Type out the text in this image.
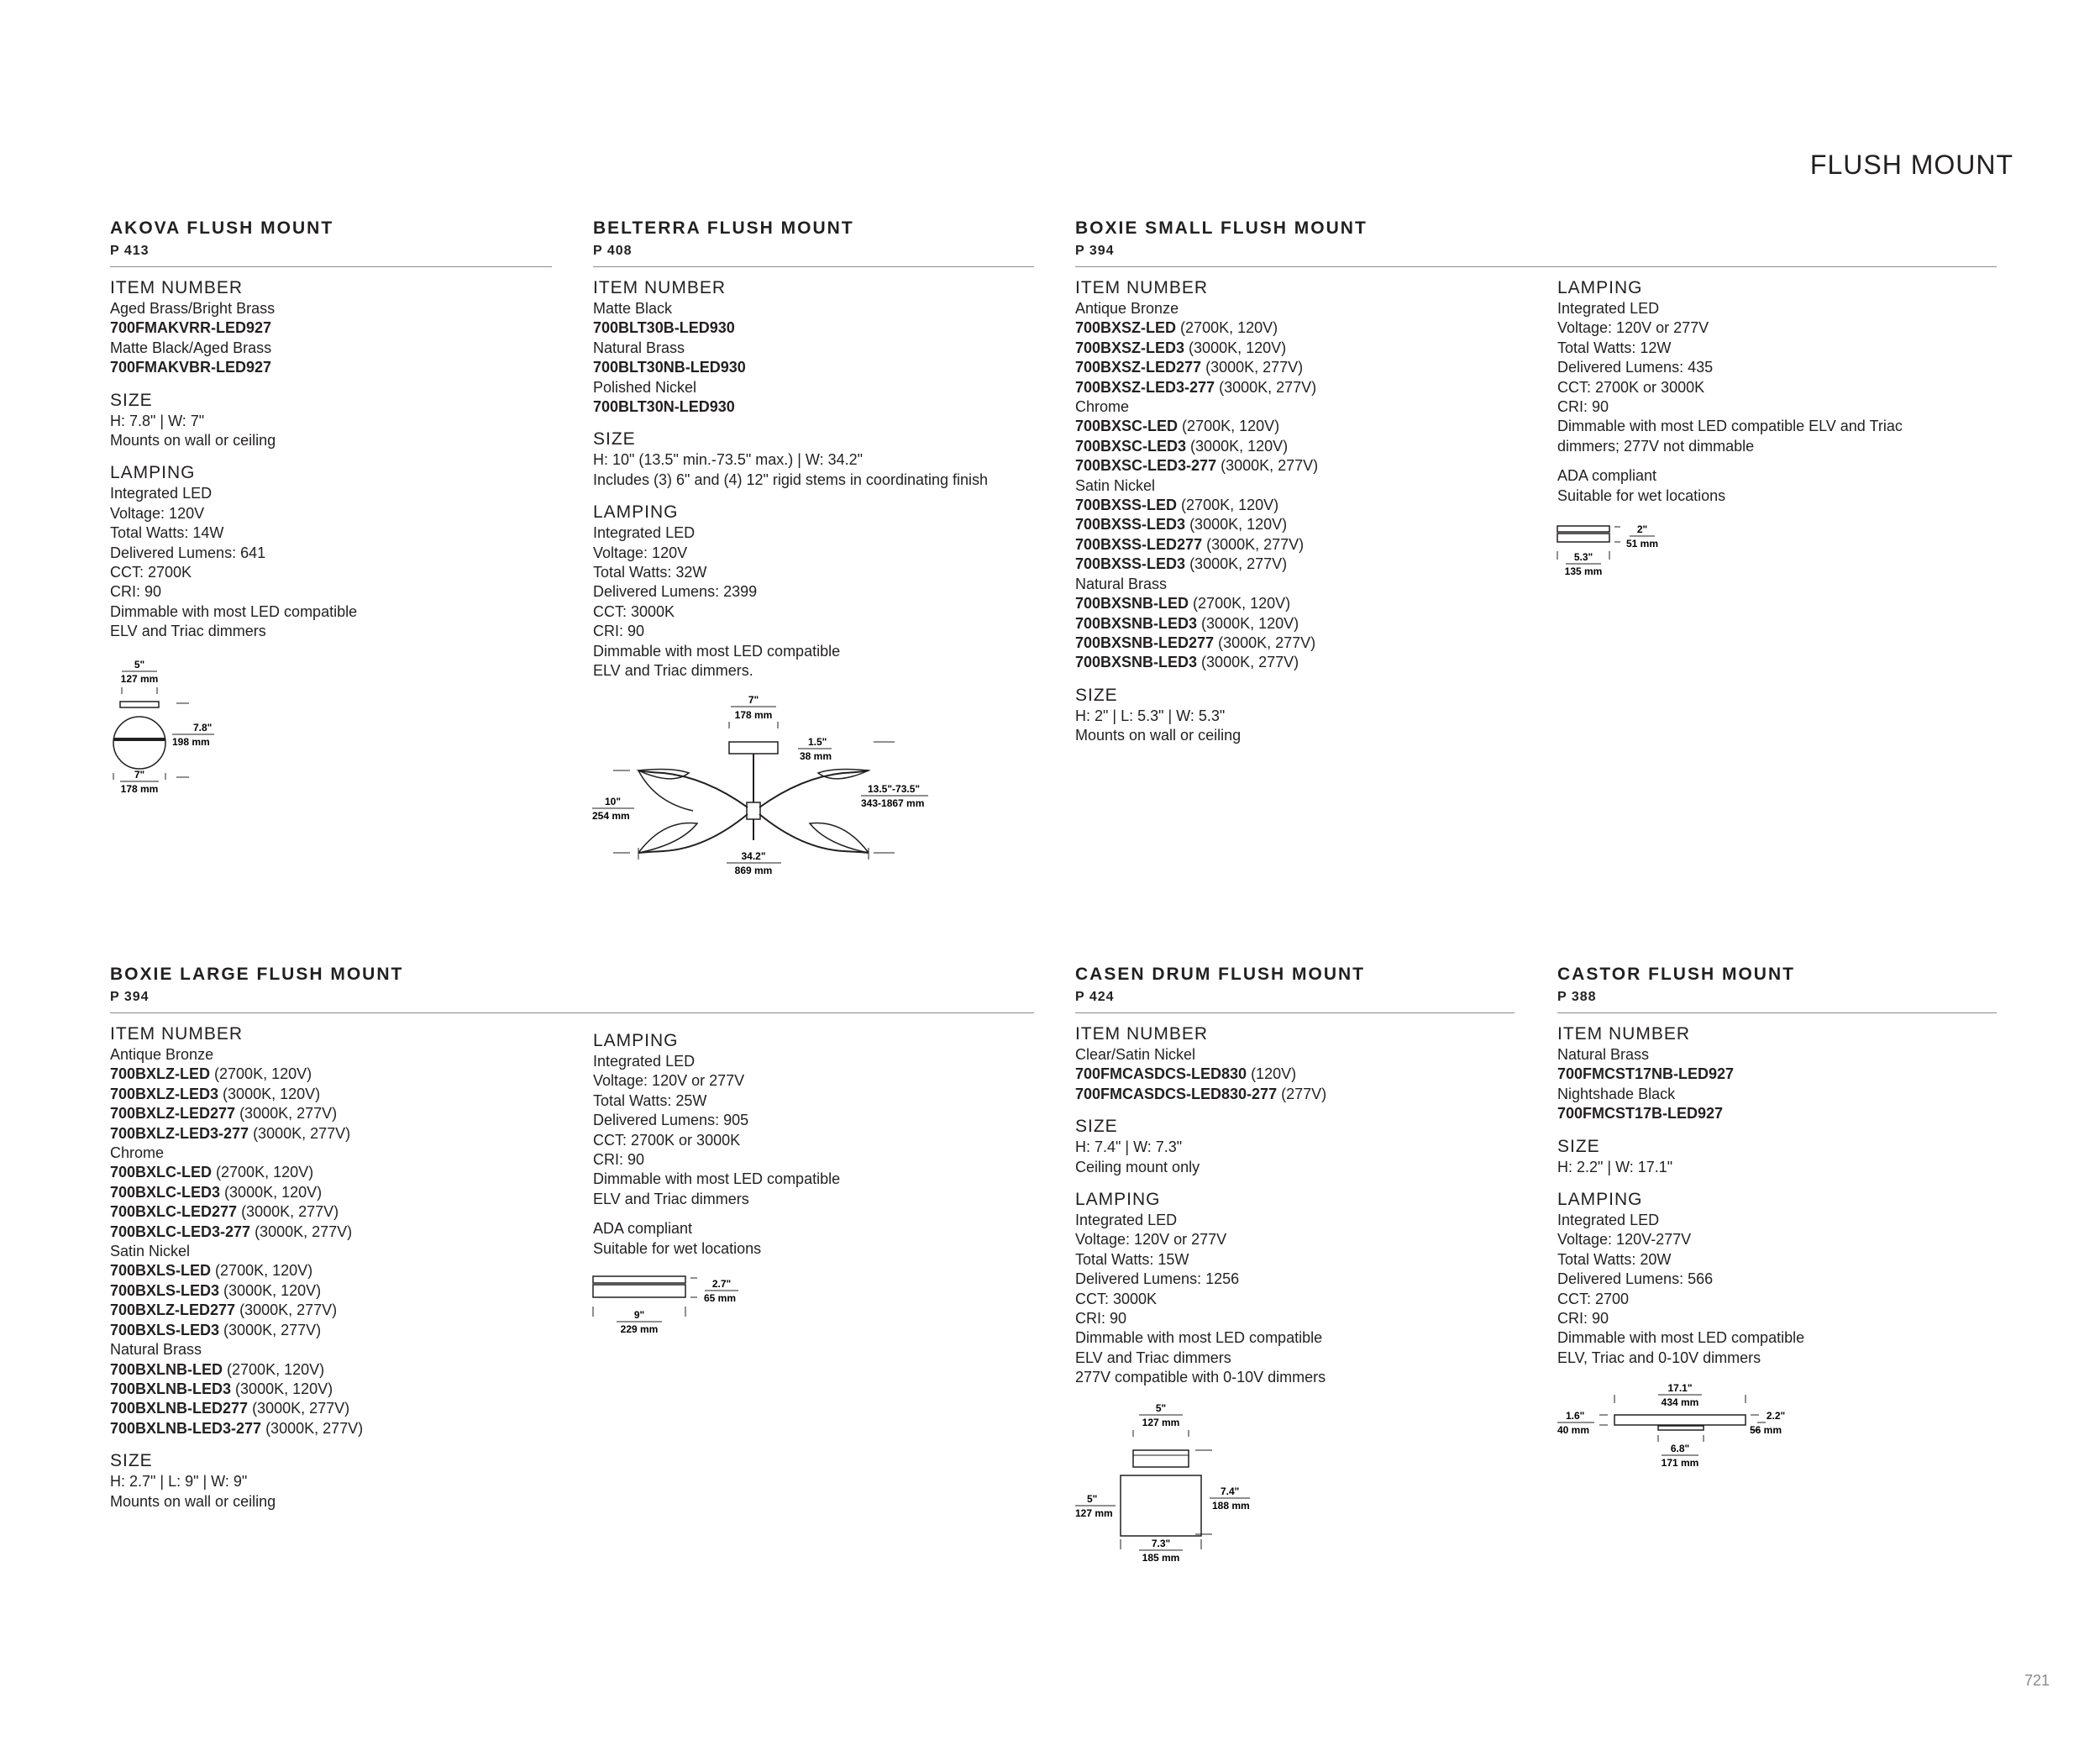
FLUSH MOUNT
721
AKOVA FLUSH MOUNT
P 413
ITEM NUMBER
Aged Brass/Bright Brass
700FMAKVRR-LED927
Matte Black/Aged Brass
700FMAKVBR-LED927
SIZE
H: 7.8" | W: 7"
Mounts on wall or ceiling
LAMPING
Integrated LED
Voltage: 120V
Total Watts: 14W
Delivered Lumens: 641
CCT: 2700K
CRI: 90
Dimmable with most LED compatible
ELV and Triac dimmers
5"
127 mm
7.8"
198 mm
7"
178 mm
BELTERRA FLUSH MOUNT
P 408
ITEM NUMBER
Matte Black
700BLT30B-LED930
Natural Brass
700BLT30NB-LED930
Polished Nickel
700BLT30N-LED930
SIZE
H: 10" (13.5" min.-73.5" max.) | W: 34.2"
Includes (3) 6" and (4) 12" rigid stems in coordinating finish
LAMPING
Integrated LED
Voltage: 120V
Total Watts: 32W
Delivered Lumens: 2399
CCT: 3000K
CRI: 90
Dimmable with most LED compatible
ELV and Triac dimmers.
7"
178 mm
1.5"
38 mm
10"
254 mm
13.5"-73.5"
343-1867 mm
34.2"
869 mm
BOXIE SMALL FLUSH MOUNT
P 394
ITEM NUMBER
Antique Bronze
700BXSZ-LED (2700K, 120V)
700BXSZ-LED3 (3000K, 120V)
700BXSZ-LED277 (3000K, 277V)
700BXSZ-LED3-277 (3000K, 277V)
Chrome
700BXSC-LED (2700K, 120V)
700BXSC-LED3 (3000K, 120V)
700BXSC-LED3-277 (3000K, 277V)
Satin Nickel
700BXSS-LED (2700K, 120V)
700BXSS-LED3 (3000K, 120V)
700BXSS-LED277 (3000K, 277V)
700BXSS-LED3 (3000K, 277V)
Natural Brass
700BXSNB-LED (2700K, 120V)
700BXSNB-LED3 (3000K, 120V)
700BXSNB-LED277 (3000K, 277V)
700BXSNB-LED3 (3000K, 277V)
SIZE
H: 2" | L: 5.3" | W: 5.3"
Mounts on wall or ceiling
LAMPING
Integrated LED
Voltage: 120V or 277V
Total Watts: 12W
Delivered Lumens: 435
CCT: 2700K or 3000K
CRI: 90
Dimmable with most LED compatible ELV and Triac
dimmers; 277V not dimmable
ADA compliant
Suitable for wet locations
2"
51 mm
5.3"
135 mm
BOXIE LARGE FLUSH MOUNT
P 394
ITEM NUMBER
Antique Bronze
700BXLZ-LED (2700K, 120V)
700BXLZ-LED3 (3000K, 120V)
700BXLZ-LED277 (3000K, 277V)
700BXLZ-LED3-277 (3000K, 277V)
Chrome
700BXLC-LED (2700K, 120V)
700BXLC-LED3 (3000K, 120V)
700BXLC-LED277 (3000K, 277V)
700BXLC-LED3-277 (3000K, 277V)
Satin Nickel
700BXLS-LED (2700K, 120V)
700BXLS-LED3 (3000K, 120V)
700BXLZ-LED277 (3000K, 277V)
700BXLS-LED3 (3000K, 277V)
Natural Brass
700BXLNB-LED (2700K, 120V)
700BXLNB-LED3 (3000K, 120V)
700BXLNB-LED277 (3000K, 277V)
700BXLNB-LED3-277 (3000K, 277V)
SIZE
H: 2.7" | L: 9" | W: 9"
Mounts on wall or ceiling
LAMPING
Integrated LED
Voltage: 120V or 277V
Total Watts: 25W
Delivered Lumens: 905
CCT: 2700K or 3000K
CRI: 90
Dimmable with most LED compatible
ELV and Triac dimmers
ADA compliant
Suitable for wet locations
2.7"
65 mm
9"
229 mm
CASEN DRUM FLUSH MOUNT
P 424
ITEM NUMBER
Clear/Satin Nickel
700FMCASDCS-LED830 (120V)
700FMCASDCS-LED830-277 (277V)
SIZE
H: 7.4" | W: 7.3"
Ceiling mount only
LAMPING
Integrated LED
Voltage: 120V or 277V
Total Watts: 15W
Delivered Lumens: 1256
CCT: 3000K
CRI: 90
Dimmable with most LED compatible
ELV and Triac dimmers
277V compatible with 0-10V dimmers
5"
127 mm
7.4"
188 mm
5"
127 mm
7.3"
185 mm
CASTOR FLUSH MOUNT
P 388
ITEM NUMBER
Natural Brass
700FMCST17NB-LED927
Nightshade Black
700FMCST17B-LED927
SIZE
H: 2.2" | W: 17.1"
LAMPING
Integrated LED
Voltage: 120V-277V
Total Watts: 20W
Delivered Lumens: 566
CCT: 2700
CRI: 90
Dimmable with most LED compatible
ELV, Triac and 0-10V dimmers
17.1"
434 mm
1.6"
40 mm
2.2"
56 mm
6.8"
171 mm
